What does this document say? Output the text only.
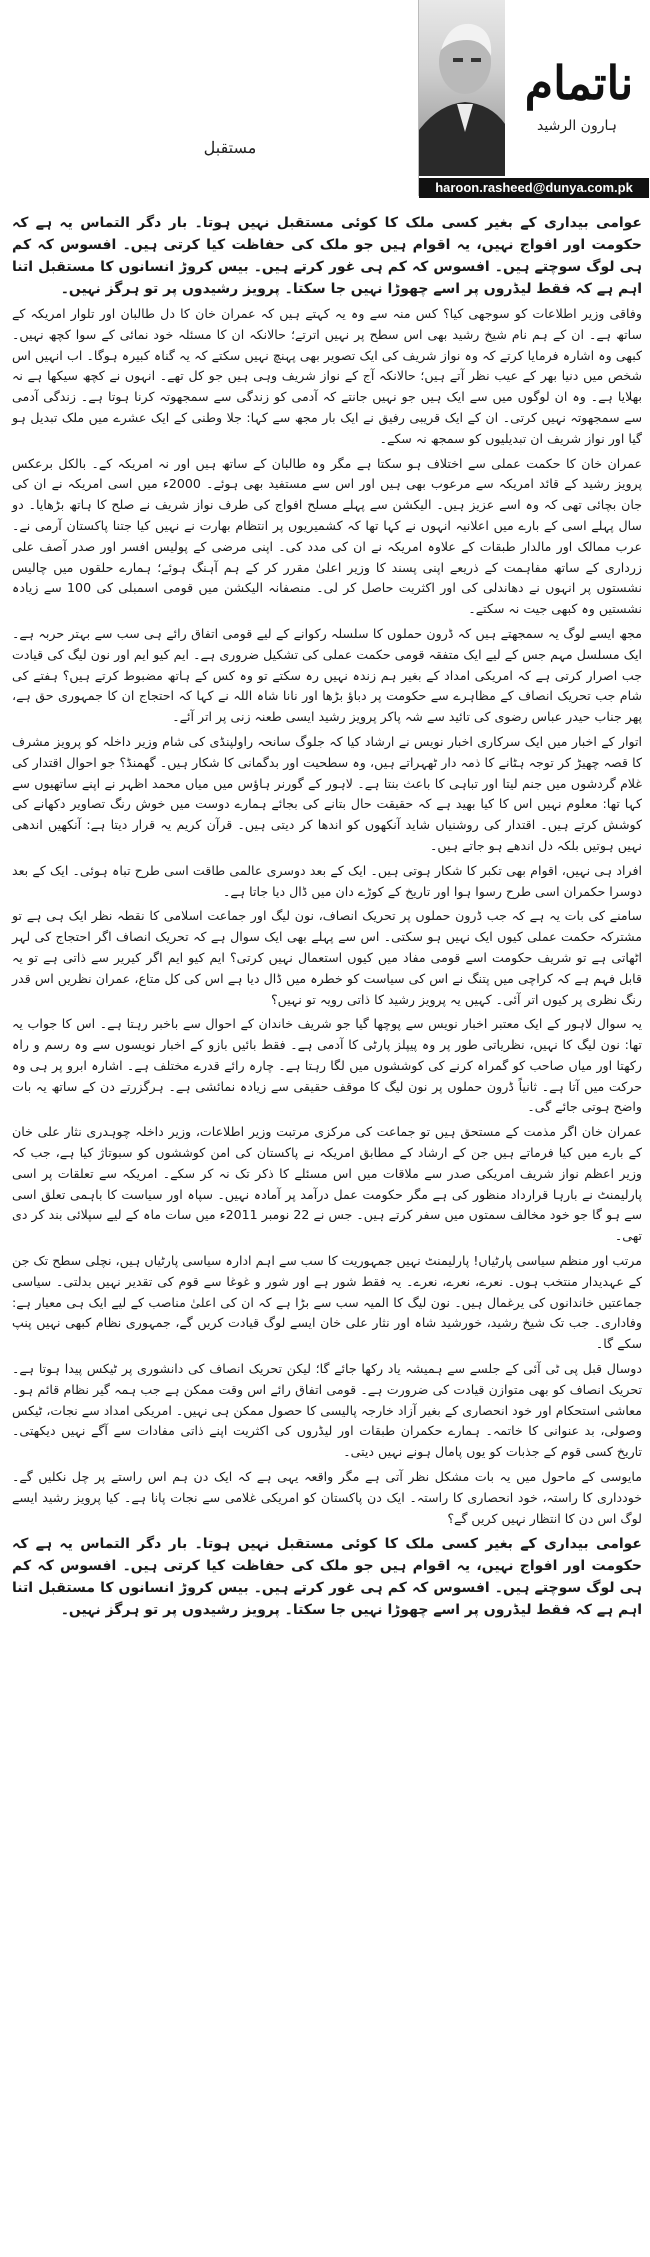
مستقبل
ناتمام
ہارون الرشید
haroon.rasheed@dunya.com.pk

عوامی بیداری کے بغیر کسی ملک کا کوئی مستقبل نہیں ہوتا۔ بار دگر التماس یہ ہے کہ حکومت اور افواج نہیں، یہ اقوام ہیں جو ملک کی حفاظت کیا کرتی ہیں۔ افسوس کہ کم ہی لوگ سوچتے ہیں۔ افسوس کہ کم ہی غور کرتے ہیں۔ بیس کروڑ انسانوں کا مستقبل اتنا اہم ہے کہ فقط لیڈروں پر اسے چھوڑا نہیں جا سکتا۔ پرویز رشیدوں پر تو ہرگز نہیں۔

وفاقی وزیر اطلاعات کو سوجھی کیا؟ کس منہ سے وہ یہ کہتے ہیں کہ عمران خان کا دل طالبان اور تلوار امریکہ کے ساتھ ہے۔ ان کے ہم نام شیخ رشید بھی اس سطح پر نہیں اترتے؛ حالانکہ ان کا مسئلہ خود نمائی کے سوا کچھ نہیں۔ کبھی وہ اشارہ فرمایا کرتے کہ وہ نواز شریف کی ایک تصویر بھی پہنچ نہیں سکتے کہ یہ گناہ کبیرہ ہوگا۔ اب انہیں اس شخص میں دنیا بھر کے عیب نظر آتے ہیں؛ حالانکہ آج کے نواز شریف وہی ہیں جو کل تھے۔ انہوں نے کچھ سیکھا ہے نہ بھلایا ہے۔ وہ ان لوگوں میں سے ایک ہیں جو نہیں جانتے کہ آدمی کو زندگی سے سمجھوتہ کرنا ہوتا ہے۔ زندگی آدمی سے سمجھوتہ نہیں کرتی۔ ان کے ایک قریبی رفیق نے ایک بار مجھ سے کہا: جلا وطنی کے ایک عشرے میں ملک تبدیل ہو گیا اور نواز شریف ان تبدیلیوں کو سمجھ نہ سکے۔

عمران خان کا حکمت عملی سے اختلاف ہو سکتا ہے مگر وہ طالبان کے ساتھ ہیں اور نہ امریکہ کے۔ بالکل برعکس پرویز رشید کے قائد امریکہ سے مرعوب بھی ہیں اور اس سے مستفید بھی ہوئے۔ 2000ء میں اسی امریکہ نے ان کی جان بچائی تھی کہ وہ اسے عزیز ہیں۔ الیکشن سے پہلے مسلح افواج کی طرف نواز شریف نے صلح کا ہاتھ بڑھایا۔ دو سال پہلے اسی کے بارے میں اعلانیہ انہوں نے کہا تھا کہ کشمیریوں پر انتظام بھارت نے نہیں کیا جتنا پاکستان آرمی نے۔ عرب ممالک اور مالدار طبقات کے علاوہ امریکہ نے ان کی مدد کی۔ اپنی مرضی کے پولیس افسر اور صدر آصف علی زرداری کے ساتھ مفاہمت کے ذریعے اپنی پسند کا وزیر اعلیٰ مقرر کر کے ہم آہنگ ہوئے؛ ہمارے حلقوں میں چالیس نشستوں پر انہوں نے دھاندلی کی اور اکثریت حاصل کر لی۔ منصفانہ الیکشن میں قومی اسمبلی کی 100 سے زیادہ نشستیں وہ کبھی جیت نہ سکتے۔

مجھ ایسے لوگ یہ سمجھتے ہیں کہ ڈرون حملوں کا سلسلہ رکوانے کے لیے قومی اتفاق رائے ہی سب سے بہتر حربہ ہے۔ ایک مسلسل مہم جس کے لیے ایک متفقہ قومی حکمت عملی کی تشکیل ضروری ہے۔ ایم کیو ایم اور نون لیگ کی قیادت جب اصرار کرتی ہے کہ امریکی امداد کے بغیر ہم زندہ نہیں رہ سکتے تو وہ کس کے ہاتھ مضبوط کرتے ہیں؟ ہفتے کی شام جب تحریک انصاف کے مظاہرے سے حکومت پر دباؤ بڑھا اور نانا شاہ اللہ نے کہا کہ احتجاج ان کا جمہوری حق ہے، پھر جناب حیدر عباس رضوی کی تائید سے شہ پاکر پرویز رشید ایسی طعنہ زنی پر اتر آئے۔

اتوار کے اخبار میں ایک سرکاری اخبار نویس نے ارشاد کیا کہ جلوگ سانحہ راولپنڈی کی شام وزیر داخلہ کو پرویز مشرف کا قصہ چھیڑ کر توجہ ہٹانے کا ذمہ دار ٹھہراتے ہیں، وہ سطحیت اور بدگمانی کا شکار ہیں۔ گھمنڈ؟ جو احوال اقتدار کی غلام گردشوں میں جنم لیتا اور تباہی کا باعث بنتا ہے۔ لاہور کے گورنر ہاؤس میں میاں محمد اظہر نے اپنے ساتھیوں سے کہا تھا: معلوم نہیں اس کا کیا بھید ہے کہ حقیقت حال بتانے کی بجائے ہمارے دوست میں خوش رنگ تصاویر دکھانے کی کوشش کرتے ہیں۔ اقتدار کی روشنیاں شاید آنکھوں کو اندھا کر دیتی ہیں۔ قرآن کریم یہ قرار دیتا ہے: آنکھیں اندھی نہیں ہوتیں بلکہ دل اندھے ہو جاتے ہیں۔

افراد ہی نہیں، اقوام بھی تکبر کا شکار ہوتی ہیں۔ ایک کے بعد دوسری عالمی طاقت اسی طرح تباہ ہوئی۔ ایک کے بعد دوسرا حکمران اسی طرح رسوا ہوا اور تاریخ کے کوڑے دان میں ڈال دیا جاتا ہے۔

سامنے کی بات یہ ہے کہ جب ڈرون حملوں پر تحریک انصاف، نون لیگ اور جماعت اسلامی کا نقطہ نظر ایک ہی ہے تو مشترکہ حکمت عملی کیوں ایک نہیں ہو سکتی۔ اس سے پہلے بھی ایک سوال ہے کہ تحریک انصاف اگر احتجاج کی لہر اٹھاتی ہے تو شریف حکومت اسے قومی مفاد میں کیوں استعمال نہیں کرتی؟ ایم کیو ایم اگر کیریر سے ذاتی ہے تو یہ قابل فہم ہے کہ کراچی میں پتنگ نے اس کی سیاست کو خطرہ میں ڈال دیا ہے اس کی کل متاع، عمران نظریں اس قدر رنگ نظری پر کیوں اتر آئی۔ کہیں یہ پرویز رشید کا ذاتی رویہ تو نہیں؟

یہ سوال لاہور کے ایک معتبر اخبار نویس سے پوچھا گیا جو شریف خاندان کے احوال سے باخبر رہتا ہے۔ اس کا جواب یہ تھا: نون لیگ کا نہیں، نظریاتی طور پر وہ پیپلز پارٹی کا آدمی ہے۔ فقط بائیں بازو کے اخبار نویسوں سے وہ رسم و راہ رکھتا اور میاں صاحب کو گمراہ کرنے کی کوششوں میں لگا رہتا ہے۔ چارہ رائے قدرے مختلف ہے۔ اشارہ ابرو پر ہی وہ حرکت میں آتا ہے۔ ثانیاً ڈرون حملوں پر نون لیگ کا موقف حقیقی سے زیادہ نمائشی ہے۔ ہرگزرتے دن کے ساتھ یہ بات واضح ہوتی جائے گی۔

عمران خان اگر مذمت کے مستحق ہیں تو جماعت کی مرکزی مرتبت وزیر اطلاعات، وزیر داخلہ چوہدری نثار علی خان کے بارے میں کیا فرماتے ہیں جن کے ارشاد کے مطابق امریکہ نے پاکستان کی امن کوششوں کو سبوتاژ کیا ہے، جب کہ وزیر اعظم نواز شریف امریکی صدر سے ملاقات میں اس مسئلے کا ذکر تک نہ کر سکے۔ امریکہ سے تعلقات پر اسی پارلیمنٹ نے بارہا قرارداد منظور کی ہے مگر حکومت عمل درآمد پر آمادہ نہیں۔ سپاہ اور سیاست کا باہمی تعلق اسی سے ہو گا جو خود مخالف سمتوں میں سفر کرتے ہیں۔ جس نے 22 نومبر 2011ء میں سات ماہ کے لیے سپلائی بند کر دی تھی۔

مرتب اور منظم سیاسی پارٹیاں! پارلیمنٹ نہیں جمہوریت کا سب سے اہم ادارہ سیاسی پارٹیاں ہیں، نچلی سطح تک جن کے عہدیدار منتخب ہوں۔ نعرے، نعرے، نعرے۔ یہ فقط شور ہے اور شور و غوغا سے قوم کی تقدیر نہیں بدلتی۔ سیاسی جماعتیں خاندانوں کی یرغمال ہیں۔ نون لیگ کا المیہ سب سے بڑا ہے کہ ان کی اعلیٰ مناصب کے لیے ایک ہی معیار ہے: وفاداری۔ جب تک شیخ رشید، خورشید شاہ اور نثار علی خان ایسے لوگ قیادت کریں گے، جمہوری نظام کبھی نہیں پنپ سکے گا۔

دوسال قبل پی ٹی آئی کے جلسے سے ہمیشہ یاد رکھا جائے گا؛ لیکن تحریک انصاف کی دانشوری پر ٹیکس پیدا ہوتا ہے۔ تحریک انصاف کو بھی متوازن قیادت کی ضرورت ہے۔ قومی اتفاق رائے اس وقت ممکن ہے جب ہمہ گیر نظام قائم ہو۔ معاشی استحکام اور خود انحصاری کے بغیر آزاد خارجہ پالیسی کا حصول ممکن ہی نہیں۔ امریکی امداد سے نجات، ٹیکس وصولی، بد عنوانی کا خاتمہ۔ ہمارے حکمران طبقات اور لیڈروں کی اکثریت اپنے ذاتی مفادات سے آگے نہیں دیکھتی۔ تاریخ کسی قوم کے جذبات کو یوں پامال ہونے نہیں دیتی۔

مایوسی کے ماحول میں یہ بات مشکل نظر آتی ہے مگر واقعہ یہی ہے کہ ایک دن ہم اس راستے پر چل نکلیں گے۔ خودداری کا راستہ، خود انحصاری کا راستہ۔ ایک دن پاکستان کو امریکی غلامی سے نجات پانا ہے۔ کیا پرویز رشید ایسے لوگ اس دن کا انتظار نہیں کریں گے؟

عوامی بیداری کے بغیر کسی ملک کا کوئی مستقبل نہیں ہوتا۔ بار دگر التماس یہ ہے کہ حکومت اور افواج نہیں، یہ اقوام ہیں جو ملک کی حفاظت کیا کرتی ہیں۔ افسوس کہ کم ہی لوگ سوچتے ہیں۔ افسوس کہ کم ہی غور کرتے ہیں۔ بیس کروڑ انسانوں کا مستقبل اتنا اہم ہے کہ فقط لیڈروں پر اسے چھوڑا نہیں جا سکتا۔ پرویز رشیدوں پر تو ہرگز نہیں۔
